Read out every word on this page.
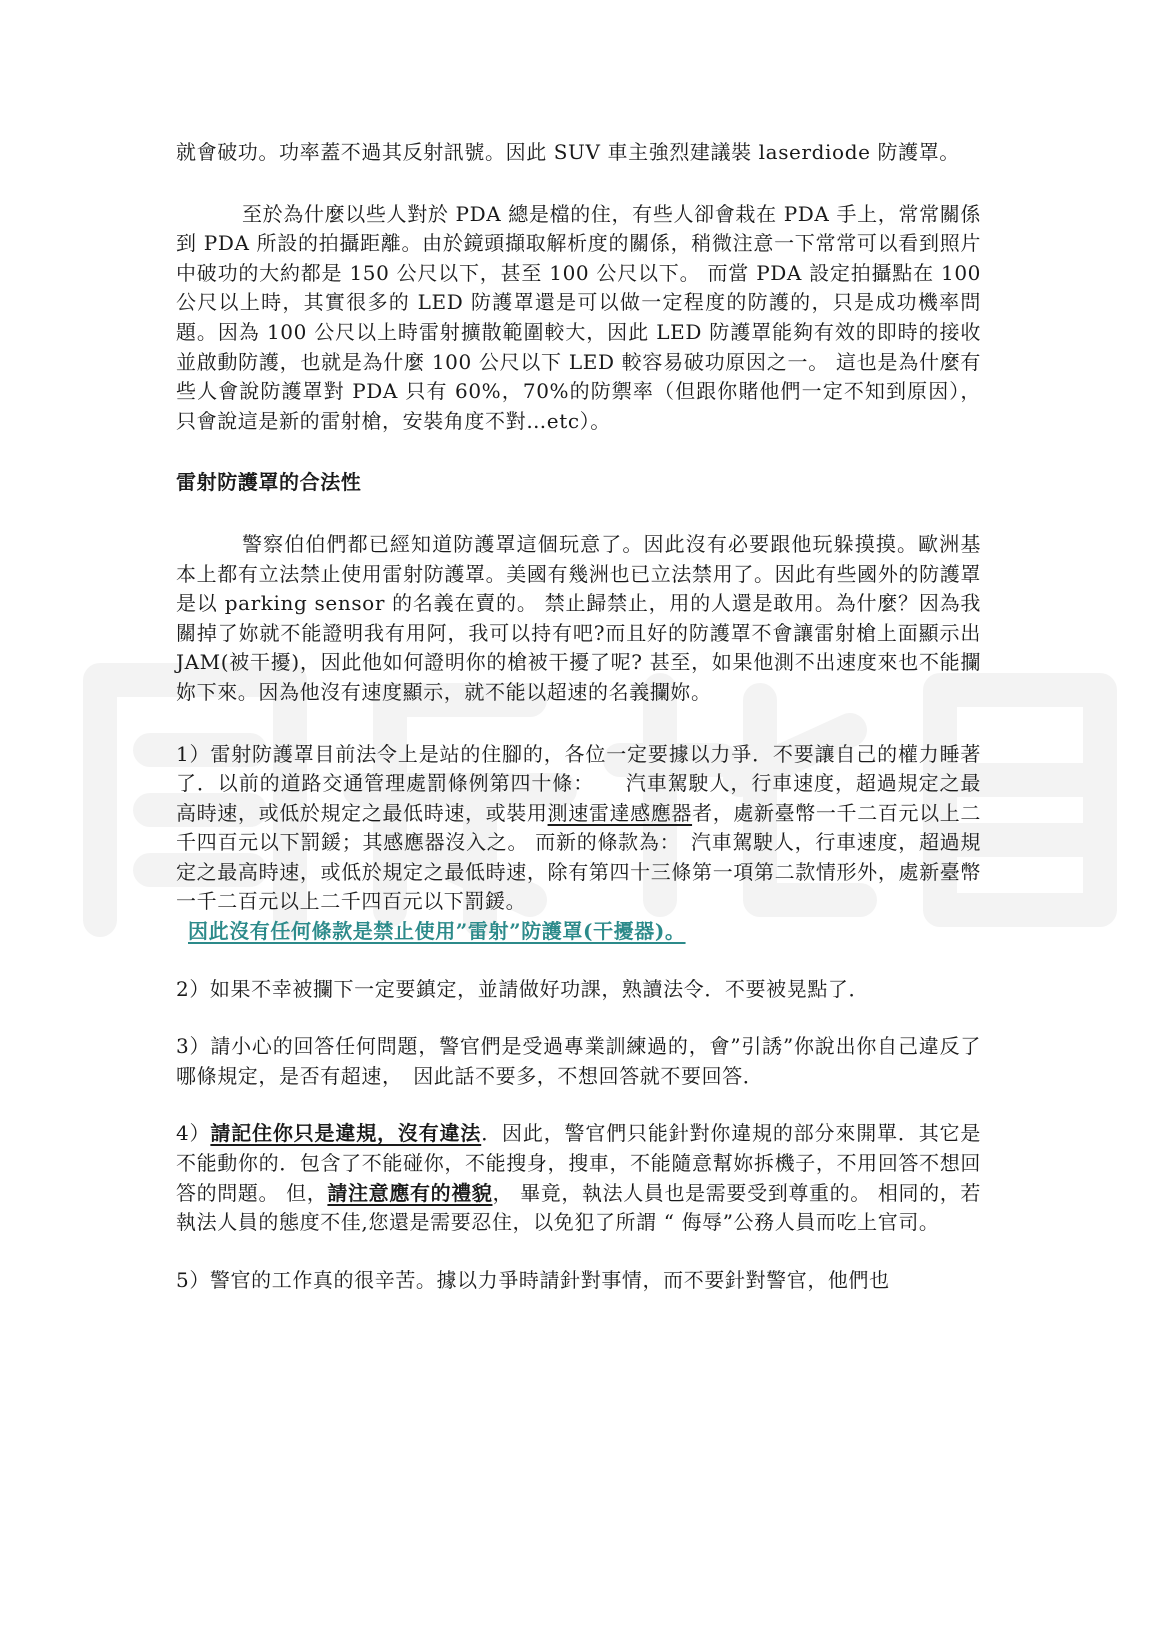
就會破功。功率蓋不過其反射訊號。因此 SUV 車主強烈建議裝 laserdiode 防護罩。

至於為什麼以些人對於 PDA 總是檔的住，有些人卻會栽在 PDA 手上，常常關係到 PDA 所設的拍攝距離。由於鏡頭擷取解析度的關係，稍微注意一下常常可以看到照片中破功的大約都是 150 公尺以下，甚至 100 公尺以下。 而當 PDA 設定拍攝點在 100 公尺以上時，其實很多的 LED 防護罩還是可以做一定程度的防護的，只是成功機率問題。因為 100 公尺以上時雷射擴散範圍較大，因此 LED 防護罩能夠有效的即時的接收並啟動防護，也就是為什麼 100 公尺以下 LED 較容易破功原因之一。 這也是為什麼有些人會說防護罩對 PDA 只有 60%，70%的防禦率（但跟你賭他們一定不知到原因），只會說這是新的雷射槍，安裝角度不對…etc）。

雷射防護罩的合法性

警察伯伯們都已經知道防護罩這個玩意了。因此沒有必要跟他玩躲摸摸。歐洲基本上都有立法禁止使用雷射防護罩。美國有幾洲也已立法禁用了。因此有些國外的防護罩是以 parking sensor 的名義在賣的。 禁止歸禁止，用的人還是敢用。為什麼？因為我關掉了妳就不能證明我有用阿，我可以持有吧?而且好的防護罩不會讓雷射槍上面顯示出 JAM(被干擾)，因此他如何證明你的槍被干擾了呢? 甚至，如果他測不出速度來也不能攔妳下來。因為他沒有速度顯示，就不能以超速的名義攔妳。

1）雷射防護罩目前法令上是站的住腳的，各位一定要據以力爭．不要讓自己的權力睡著了．以前的道路交通管理處罰條例第四十條：　　汽車駕駛人，行車速度，超過規定之最高時速，或低於規定之最低時速，或裝用測速雷達感應器者，處新臺幣一千二百元以上二千四百元以下罰鍰；其感應器沒入之。 而新的條款為：　汽車駕駛人，行車速度，超過規定之最高時速，或低於規定之最低時速，除有第四十三條第一項第二款情形外，處新臺幣一千二百元以上二千四百元以下罰鍰。

因此沒有任何條款是禁止使用”雷射”防護罩(干擾器)。

2）如果不幸被攔下一定要鎮定，並請做好功課，熟讀法令．不要被晃點了．

3）請小心的回答任何問題，警官們是受過專業訓練過的，會”引誘”你說出你自己違反了哪條規定，是否有超速，　因此話不要多，不想回答就不要回答．

4）請記住你只是違規，沒有違法．因此，警官們只能針對你違規的部分來開單．其它是不能動你的．包含了不能碰你，不能搜身，搜車，不能隨意幫妳拆機子，不用回答不想回答的問題。 但，請注意應有的禮貌， 畢竟，執法人員也是需要受到尊重的。 相同的，若執法人員的態度不佳,您還是需要忍住，以免犯了所謂 “ 侮辱”公務人員而吃上官司。

5）警官的工作真的很辛苦。據以力爭時請針對事情，而不要針對警官，他們也
